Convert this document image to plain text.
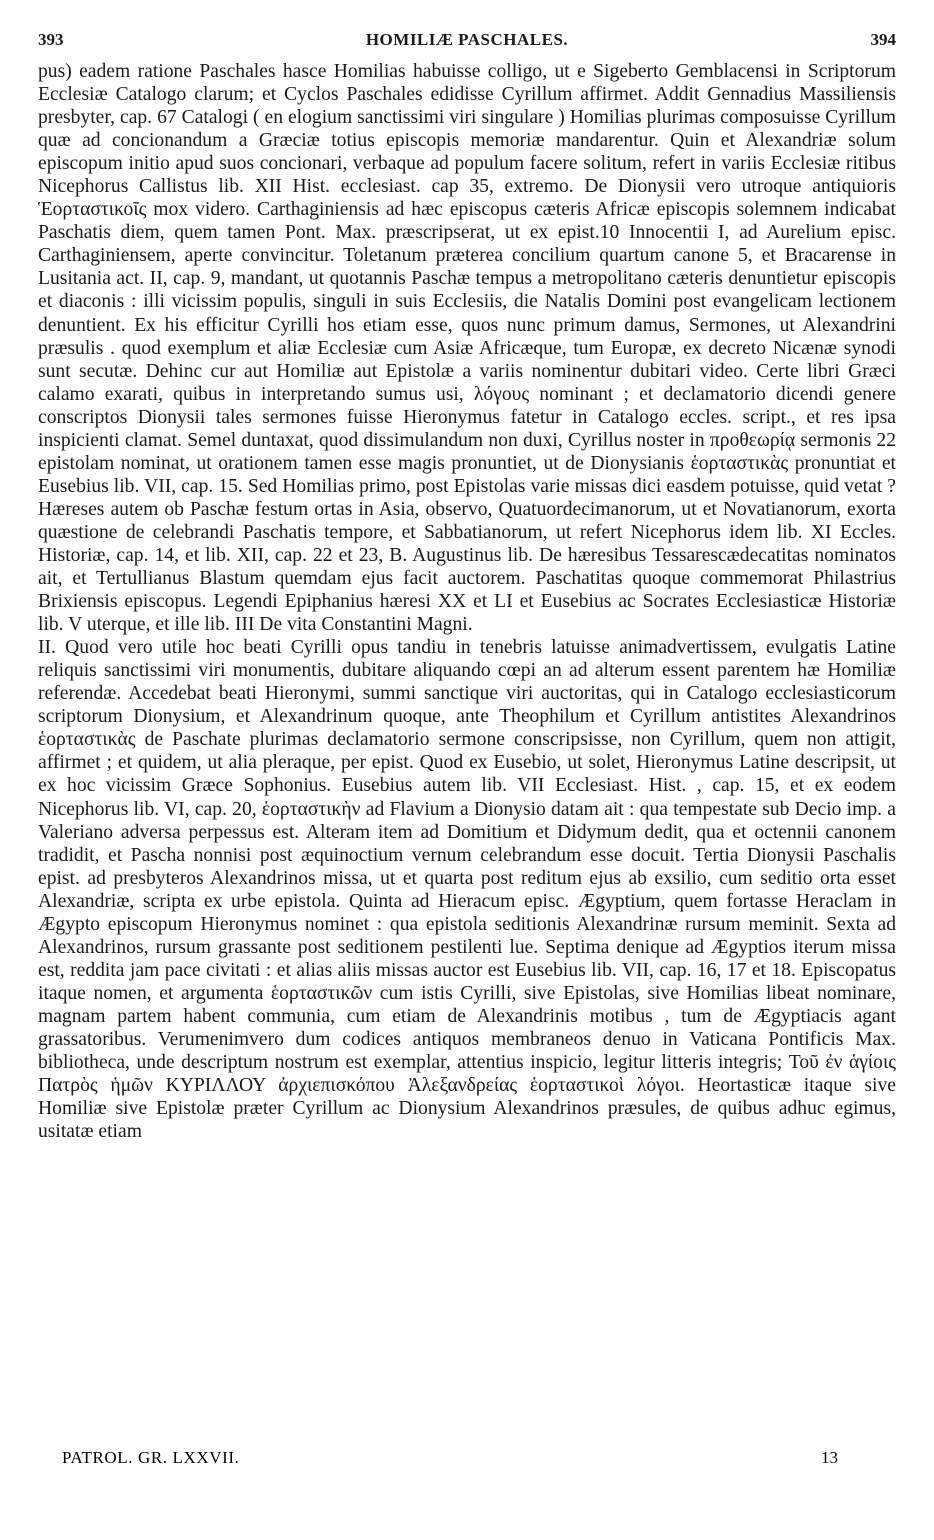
393	HOMILIÆ PASCHALES.	394

pus) eadem ratione Paschales hasce Homilias habuisse colligo, ut e Sigeberto Gemblacensi in Scriptorum Ecclesiæ Catalogo clarum; et Cyclos Paschales edidisse Cyrillum affirmet. Addit Gennadius Massiliensis presbyter, cap. 67 Catalogi ( en elogium sanctissimi viri singulare ) Homilias plurimas composuisse Cyrillum quæ ad concionandum a Græciæ totius episcopis memoriæ mandarentur. Quin et Alexandriæ solum episcopum initio apud suos concionari, verbaque ad populum facere solitum, refert in variis Ecclesiæ ritibus Nicephorus Callistus lib. XII Hist. ecclesiast. cap 35, extremo. De Dionysii vero utroque antiquioris Ἑορταστικοῖς mox videro. Carthaginiensis ad hæc episcopus cæteris Africæ episcopis solemnem indicabat Paschatis diem, quem tamen Pont. Max. præscripserat, ut ex epist.10 Innocentii I, ad Aurelium episc. Carthaginiensem, aperte convincitur. Toletanum præterea concilium quartum canone 5, et Bracarense in Lusitania act. II, cap. 9, mandant, ut quotannis Paschæ tempus a metropolitano cæteris denuntietur episcopis et diaconis : illi vicissim populis, singuli in suis Ecclesiis, die Natalis Domini post evangelicam lectionem denuntient. Ex his efficitur Cyrilli hos etiam esse, quos nunc primum damus, Sermones, ut Alexandrini præsulis . quod exemplum et aliæ Ecclesiæ cum Asiæ Africæque, tum Europæ, ex decreto Nicænæ synodi sunt secutæ. Dehinc cur aut Homiliæ aut Epistolæ a variis nominentur dubitari video. Certe libri Græci calamo exarati, quibus in interpretando sumus usi, λόγους nominant ; et declamatorio dicendi genere conscriptos Dionysii tales sermones fuisse Hieronymus fatetur in Catalogo eccles. script., et res ipsa inspicienti clamat. Semel duntaxat, quod dissimulandum non duxi, Cyrillus noster in προθεωρίᾳ sermonis 22 epistolam nominat, ut orationem tamen esse magis pronuntiet, ut de Dionysianis ἑορταστικὰς pronuntiat et Eusebius lib. VII, cap. 15. Sed Homilias primo, post Epistolas varie missas dici easdem potuisse, quid vetat ? Hæreses autem ob Paschæ festum ortas in Asia, observo, Quatuordecimanorum, ut et Novatianorum, exorta quæstione de celebrandi Paschatis tempore, et Sabbatianorum, ut refert Nicephorus idem lib. XI Eccles. Historiæ, cap. 14, et lib. XII, cap. 22 et 23, B. Augustinus lib. De hæresibus Tessarescædecatitas nominatos ait, et Tertullianus Blastum quemdam ejus facit auctorem. Paschatitas quoque commemorat Philastrius Brixiensis episcopus. Legendi Epiphanius hæresi XX et LI et Eusebius ac Socrates Ecclesiasticæ Historiæ lib. V uterque, et ille lib. III De vita Constantini Magni.

II. Quod vero utile hoc beati Cyrilli opus tandiu in tenebris latuisse animadvertissem, evulgatis Latine reliquis sanctissimi viri monumentis, dubitare aliquando cœpi an ad alterum essent parentem hæ Homiliæ referendæ. Accedebat beati Hieronymi, summi sanctique viri auctoritas, qui in Catalogo ecclesiasticorum scriptorum Dionysium, et Alexandrinum quoque, ante Theophilum et Cyrillum antistites Alexandrinos ἑορταστικὰς de Paschate plurimas declamatorio sermone conscripsisse, non Cyrillum, quem non attigit, affirmet ; et quidem, ut alia pleraque, per epist. Quod ex Eusebio, ut solet, Hieronymus Latine descripsit, ut ex hoc vicissim Græce Sophonius. Eusebius autem lib. VII Ecclesiast. Hist. , cap. 15, et ex eodem Nicephorus lib. VI, cap. 20, ἑορταστικὴν ad Flavium a Dionysio datam ait : qua tempestate sub Decio imp. a Valeriano adversa perpessus est. Alteram item ad Domitium et Didymum dedit, qua et octennii canonem tradidit, et Pascha nonnisi post æquinoctium vernum celebrandum esse docuit. Tertia Dionysii Paschalis epist. ad presbyteros Alexandrinos missa, ut et quarta post reditum ejus ab exsilio, cum seditio orta esset Alexandriæ, scripta ex urbe epistola. Quinta ad Hieracum episc. Ægyptium, quem fortasse Heraclam in Ægypto episcopum Hieronymus nominet : qua epistola seditionis Alexandrinæ rursum meminit. Sexta ad Alexandrinos, rursum grassante post seditionem pestilenti lue. Septima denique ad Ægyptios iterum missa est, reddita jam pace civitati : et alias aliis missas auctor est Eusebius lib. VII, cap. 16, 17 et 18. Episcopatus itaque nomen, et argumenta ἑορταστικῶν cum istis Cyrilli, sive Epistolas, sive Homilias libeat nominare, magnam partem habent communia, cum etiam de Alexandrinis motibus , tum de Ægyptiacis agant grassatoribus. Verumenimvero dum codices antiquos membraneos denuo in Vaticana Pontificis Max. bibliotheca, unde descriptum nostrum est exemplar, attentius inspicio, legitur litteris integris; Τοῦ ἐν ἁγίοις Πατρὸς ἡμῶν ΚΥΡΙΛΛΟΥ ἀρχιεπισκόπου Ἀλεξανδρείας ἑορταστικοὶ λόγοι. Heortasticæ itaque sive Homiliæ sive Epistolæ præter Cyrillum ac Dionysium Alexandrinos præsules, de quibus adhuc egimus, usitatæ etiam

PATROL. GR. LXXVII.	13
